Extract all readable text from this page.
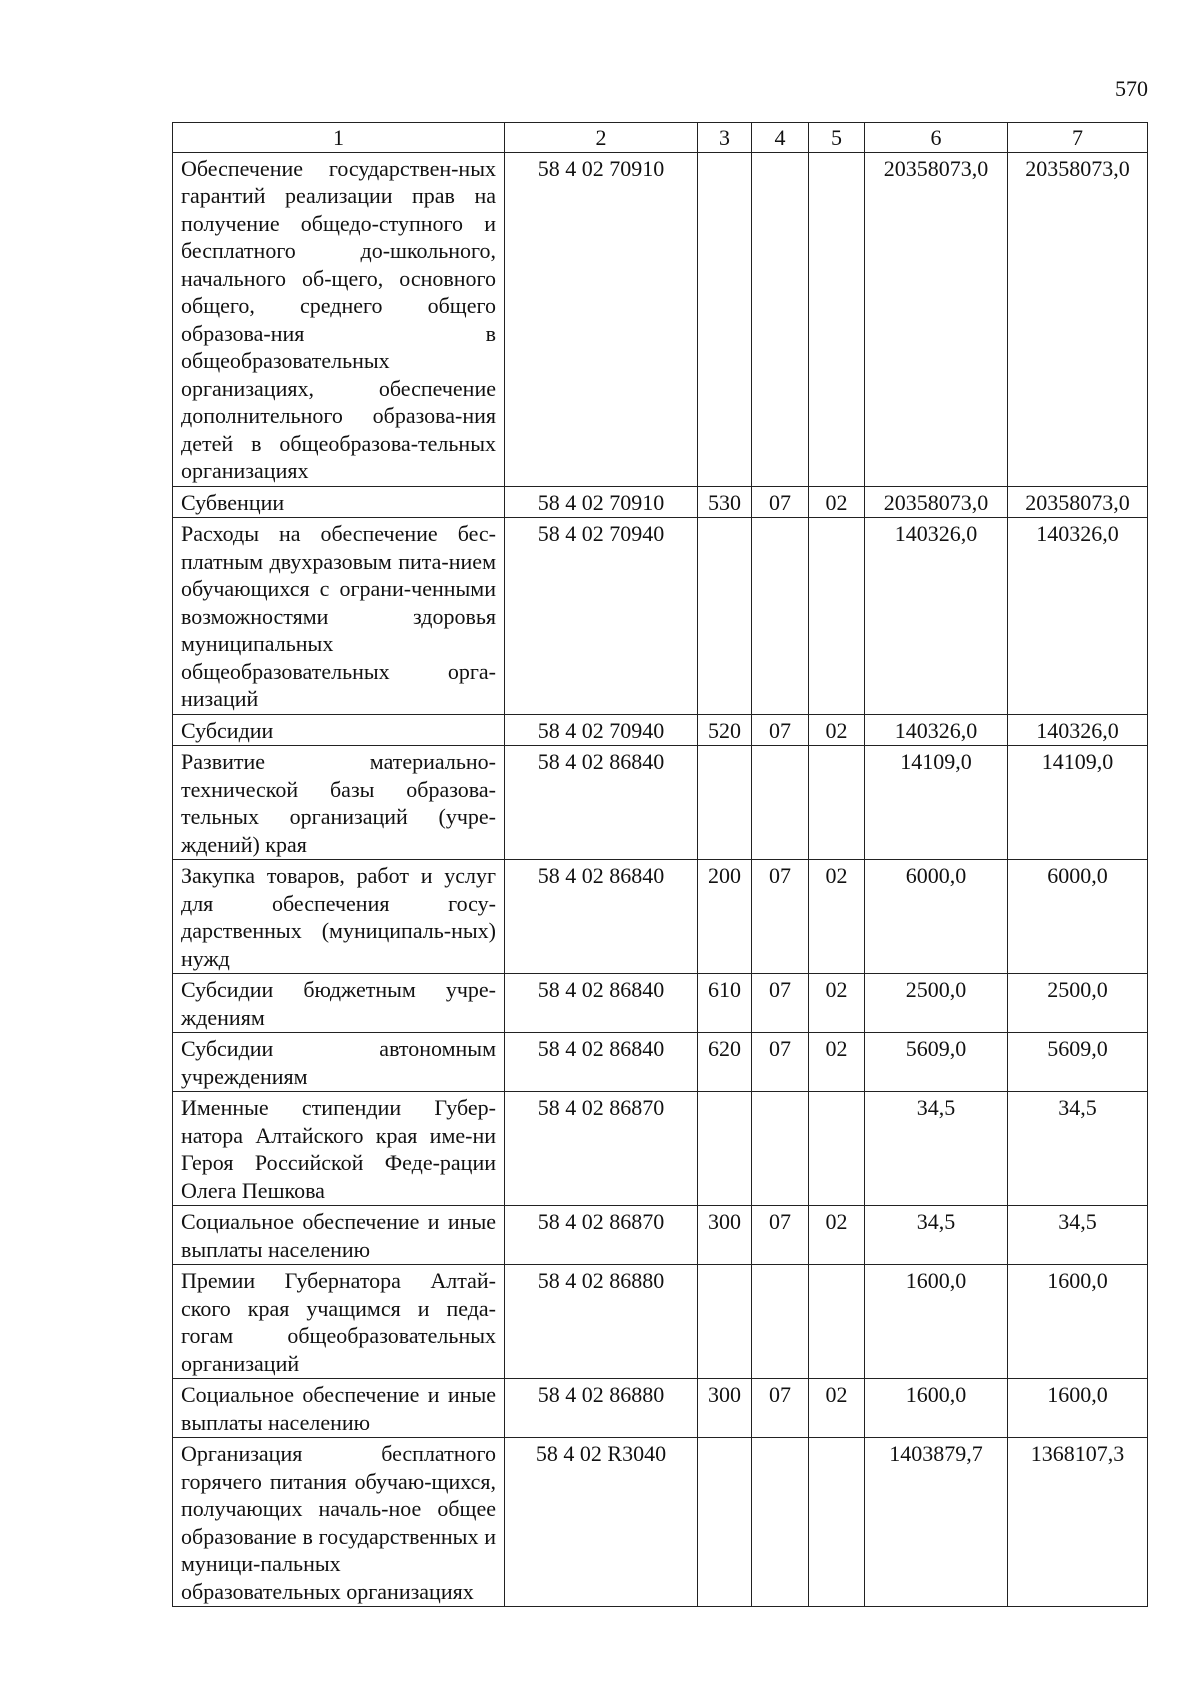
570
1	2	3	4	5	6	7
Обеспечение государствен-ных гарантий реализации прав на получение общедо-ступного и бесплатного до-школьного, начального об-щего, основного общего, среднего общего образова-ния в общеобразовательных организациях, обеспечение дополнительного образова-ния детей в общеобразова-тельных организациях	58 4 02 70910				20358073,0	20358073,0
Субвенции	58 4 02 70910	530	07	02	20358073,0	20358073,0
Расходы на обеспечение бес-платным двухразовым пита-нием обучающихся с ограни-ченными возможностями здоровья муниципальных общеобразовательных орга-низаций	58 4 02 70940				140326,0	140326,0
Субсидии	58 4 02 70940	520	07	02	140326,0	140326,0
Развитие материально-технической базы образова-тельных организаций (учре-ждений) края	58 4 02 86840				14109,0	14109,0
Закупка товаров, работ и услуг для обеспечения госу-дарственных (муниципаль-ных) нужд	58 4 02 86840	200	07	02	6000,0	6000,0
Субсидии бюджетным учре-ждениям	58 4 02 86840	610	07	02	2500,0	2500,0
Субсидии автономным учреждениям	58 4 02 86840	620	07	02	5609,0	5609,0
Именные стипендии Губер-натора Алтайского края име-ни Героя Российской Феде-рации Олега Пешкова	58 4 02 86870				34,5	34,5
Социальное обеспечение и иные выплаты населению	58 4 02 86870	300	07	02	34,5	34,5
Премии Губернатора Алтай-ского края учащимся и педа-гогам общеобразовательных организаций	58 4 02 86880				1600,0	1600,0
Социальное обеспечение и иные выплаты населению	58 4 02 86880	300	07	02	1600,0	1600,0
Организация бесплатного горячего питания обучаю-щихся, получающих началь-ное общее образование в государственных и муници-пальных образовательных организациях	58 4 02 R3040				1403879,7	1368107,3
